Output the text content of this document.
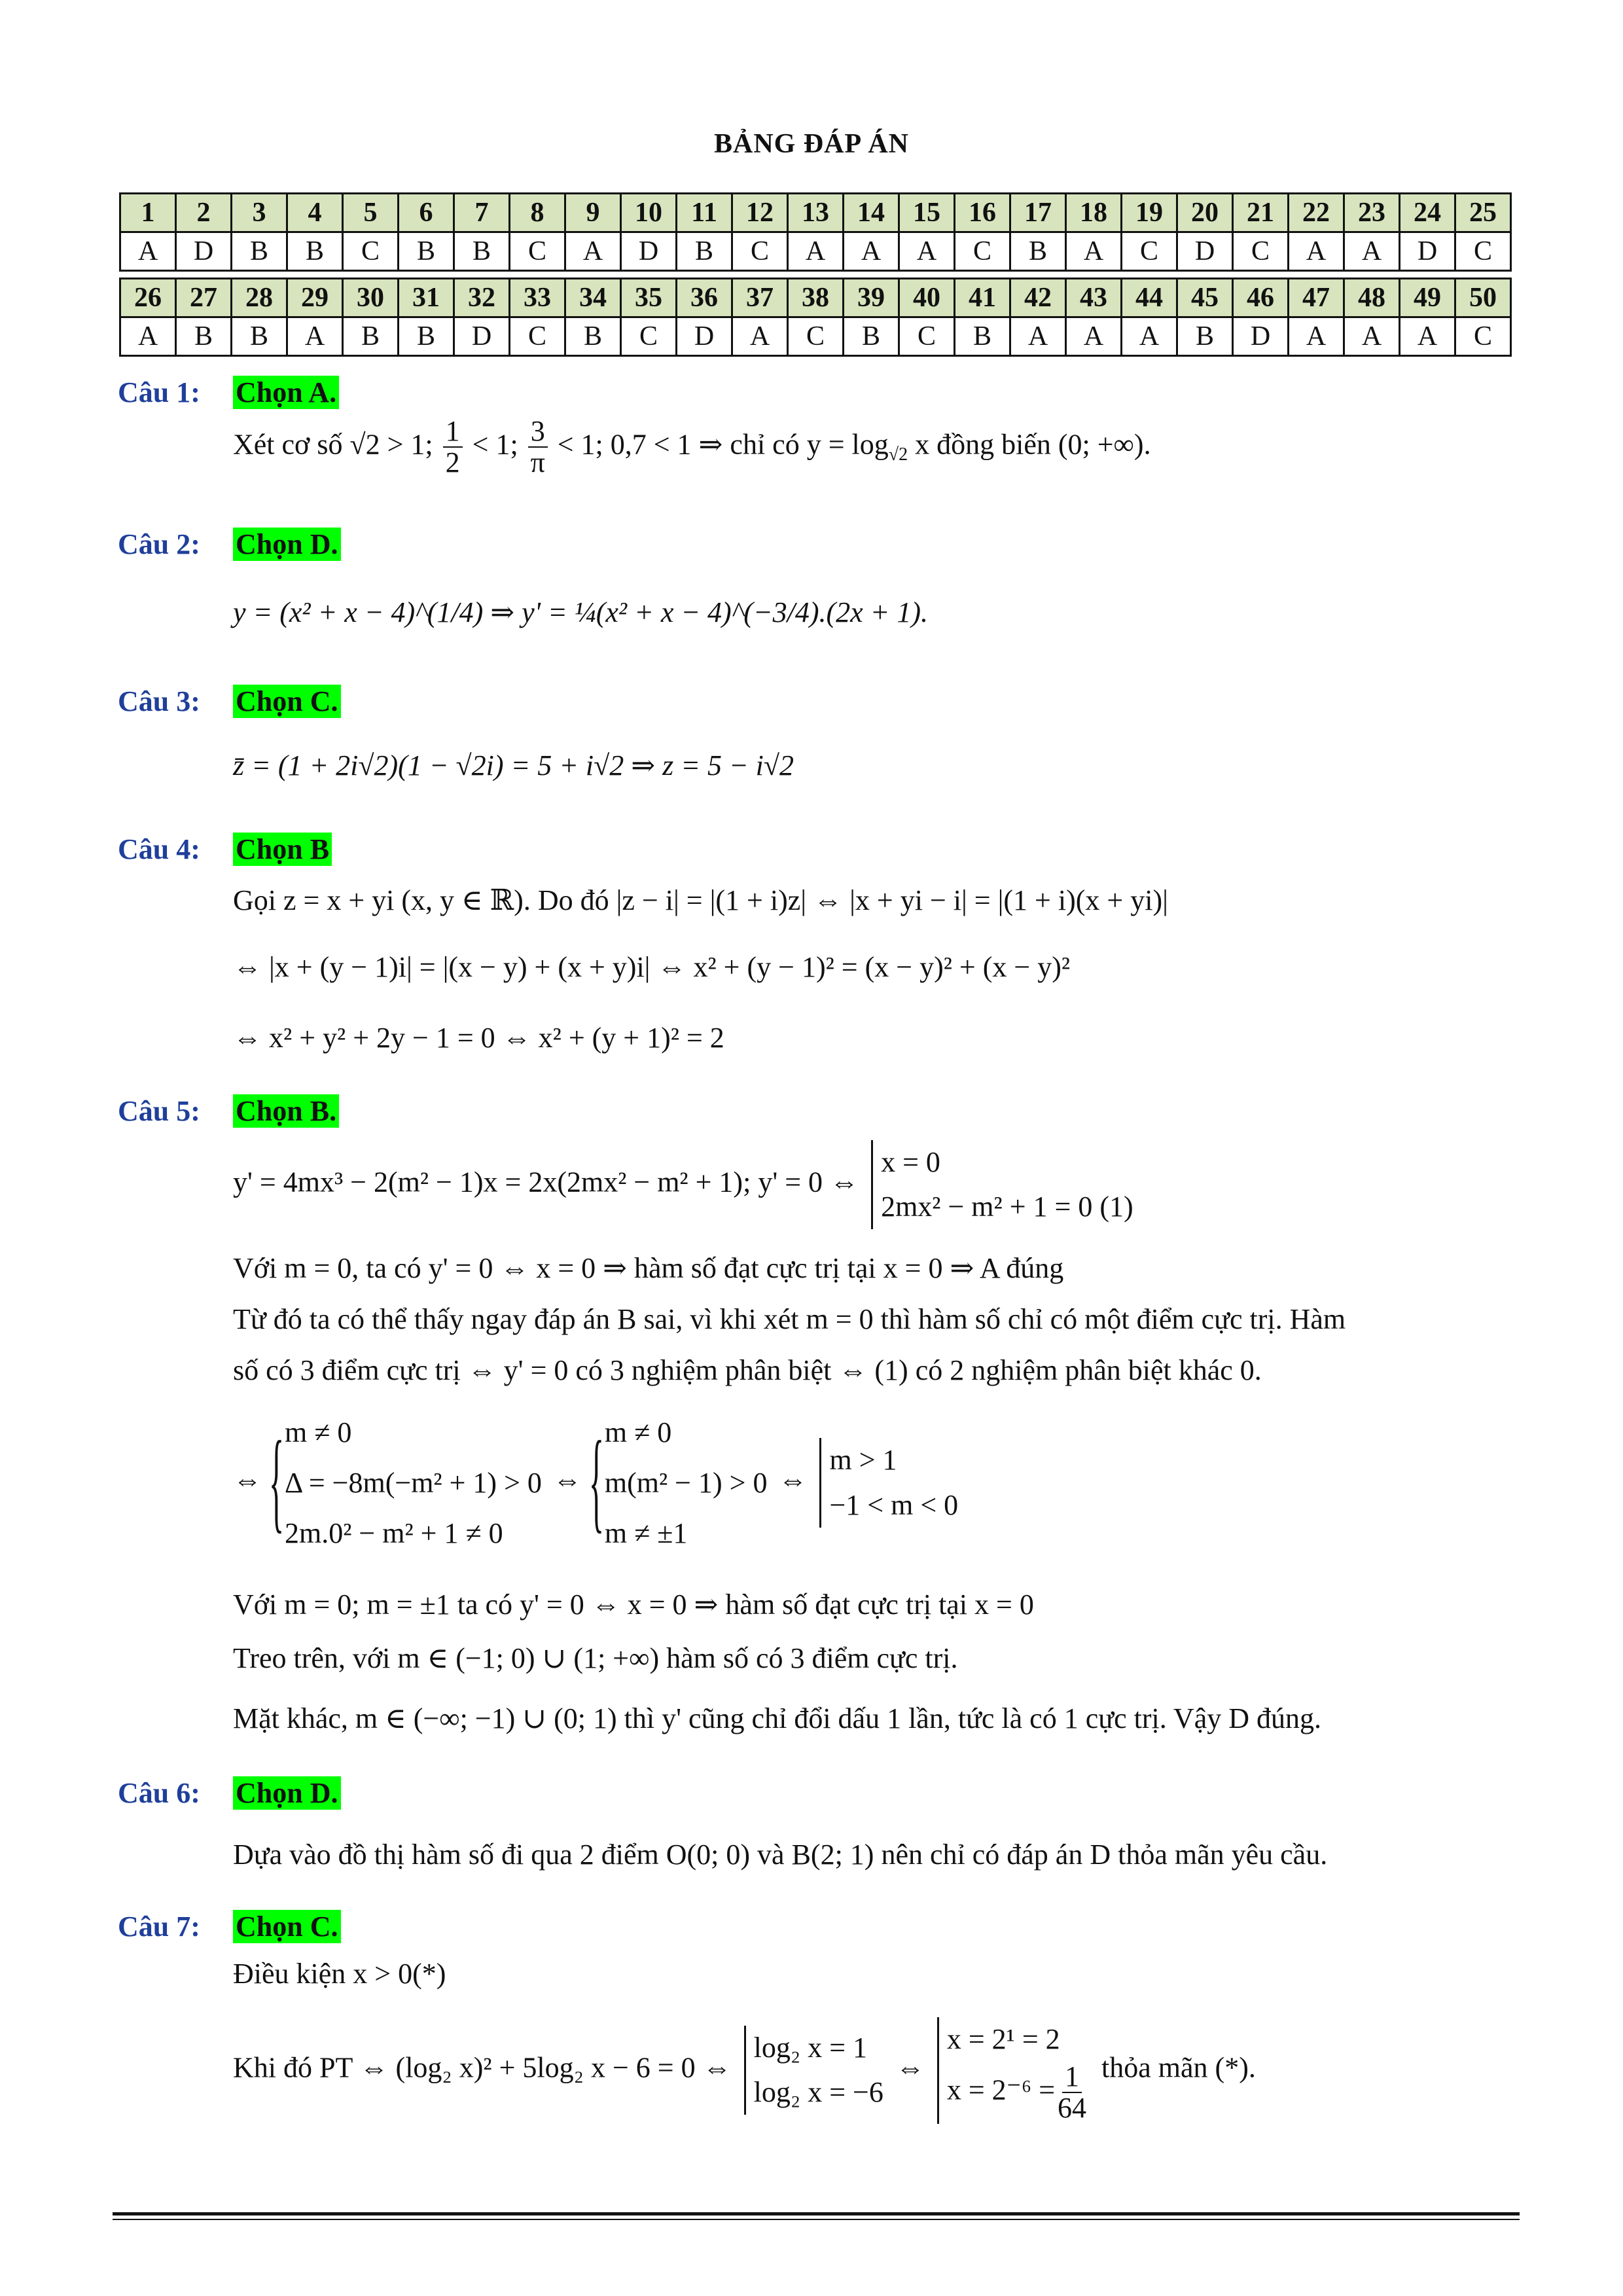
BẢNG ĐÁP ÁN
1	2	3	4	5	6	7	8	9	10	11	12	13	14	15	16	17	18	19	20	21	22	23	24	25
A	D	B	B	C	B	B	C	A	D	B	C	A	A	A	C	B	A	C	D	C	A	A	D	C
26	27	28	29	30	31	32	33	34	35	36	37	38	39	40	41	42	43	44	45	46	47	48	49	50
A	B	B	A	B	B	D	C	B	C	D	A	C	B	C	B	A	A	A	B	D	A	A	A	C
Câu 1: Chọn A.
Xét cơ số √2 > 1; $\frac{1}{2} < 1$; $\frac{3}{\pi} < 1$; 0,7 < 1 ⇒ chỉ có $y = \log_{√2} x$ đồng biến (0; +∞).
Câu 2: Chọn D.
y = (x² + x − 4)^(1/4) ⇒ y' = ¼(x² + x − 4)^(−3/4).(2x + 1).
Câu 3: Chọn C.
z̄ = (1 + 2i√2)(1 − √2i) = 5 + i√2 ⇒ z = 5 − i√2
Câu 4: Chọn B
Gọi z = x + yi (x, y ∈ ℝ). Do đó |z − i| = |(1 + i)z| ⇔ |x + yi − i| = |(1 + i)(x + yi)|
⇔ |x + (y − 1)i| = |(x − y) + (x + y)i| ⇔ x² + (y − 1)² = (x − y)² + (x − y)²
⇔ x² + y² + 2y − 1 = 0 ⇔ x² + (y + 1)² = 2
Câu 5: Chọn B.
y' = 4mx³ − 2(m² − 1)x = 2x(2mx² − m² + 1); y' = 0 ⇔
x = 0
2mx² − m² + 1 = 0 (1)
Với m = 0, ta có y' = 0 ⇔ x = 0 ⇒ hàm số đạt cực trị tại x = 0 ⇒ A đúng
Từ đó ta có thể thấy ngay đáp án B sai, vì khi xét m = 0 thì hàm số chỉ có một điểm cực trị. Hàm
số có 3 điểm cực trị ⇔ y' = 0 có 3 nghiệm phân biệt ⇔ (1) có 2 nghiệm phân biệt khác 0.
⇔
{ m ≠ 0
Δ = −8m(−m² + 1) > 0
2m.0² − m² + 1 ≠ 0
⇔
{ m ≠ 0
m(m² − 1) > 0
m ≠ ±1
⇔
m > 1
−1 < m < 0
Với m = 0; m = ±1 ta có y' = 0 ⇔ x = 0 ⇒ hàm số đạt cực trị tại x = 0
Treo trên, với m ∈ (−1; 0) ∪ (1; +∞) hàm số có 3 điểm cực trị.
Mặt khác, m ∈ (−∞; −1) ∪ (0; 1) thì y' cũng chỉ đổi dấu 1 lần, tức là có 1 cực trị. Vậy D đúng.
Câu 6: Chọn D.
Dựa vào đồ thị hàm số đi qua 2 điểm O(0; 0) và B(2; 1) nên chỉ có đáp án D thỏa mãn yêu cầu.
Câu 7: Chọn C.
Điều kiện x > 0(*)
Khi đó PT ⇔ (log₂ x)² + 5log₂ x − 6 = 0 ⇔
log₂ x = 1
log₂ x = −6
⇔
x = 2¹ = 2
$x = 2^{-6} = \frac{1}{64}$ thỏa mãn (*).
